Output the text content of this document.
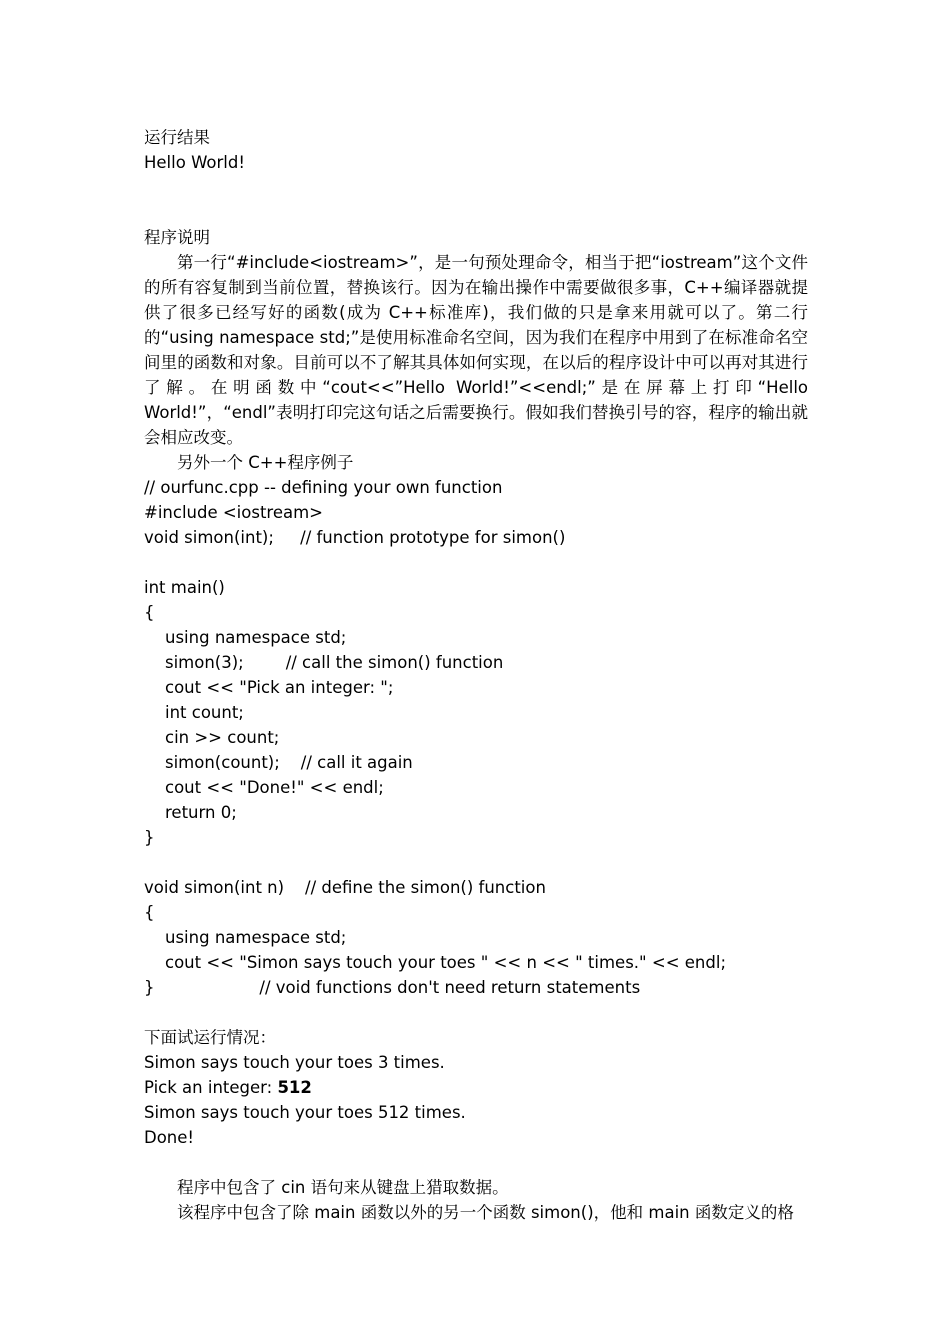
运行结果
Hello World!
程序说明
第一行“#include<iostream>”，是一句预处理命令，相当于把“iostream”这个文件的所有容复制到当前位置，替换该行。因为在输出操作中需要做很多事，C++编译器就提供了很多已经写好的函数(成为 C++标准库)，我们做的只是拿来用就可以了。第二行的“using namespace std;”是使用标准命名空间，因为我们在程序中用到了在标准命名空间里的函数和对象。目前可以不了解其具体如何实现，在以后的程序设计中可以再对其进行了解。在明函数中“cout<<”Hello World!”<<endl;”是在屏幕上打印“Hello World!”，“endl”表明打印完这句话之后需要换行。假如我们替换引号的容，程序的输出就会相应改变。
另外一个 C++程序例子
// ourfunc.cpp -- defining your own function
#include <iostream>
void simon(int);     // function prototype for simon()
int main()
{
using namespace std;
simon(3);        // call the simon() function
cout << "Pick an integer: ";
int count;
cin >> count;
simon(count);    // call it again
cout << "Done!" << endl;
return 0;
}
void simon(int n)    // define the simon() function
{
using namespace std;
cout << "Simon says touch your toes " << n << " times." << endl;
}                    // void functions don't need return statements
下面试运行情况：
Simon says touch your toes 3 times.
Pick an integer: 512
Simon says touch your toes 512 times.
Done!
程序中包含了 cin 语句来从键盘上猎取数据。
该程序中包含了除 main 函数以外的另一个函数 simon()，他和 main 函数定义的格
